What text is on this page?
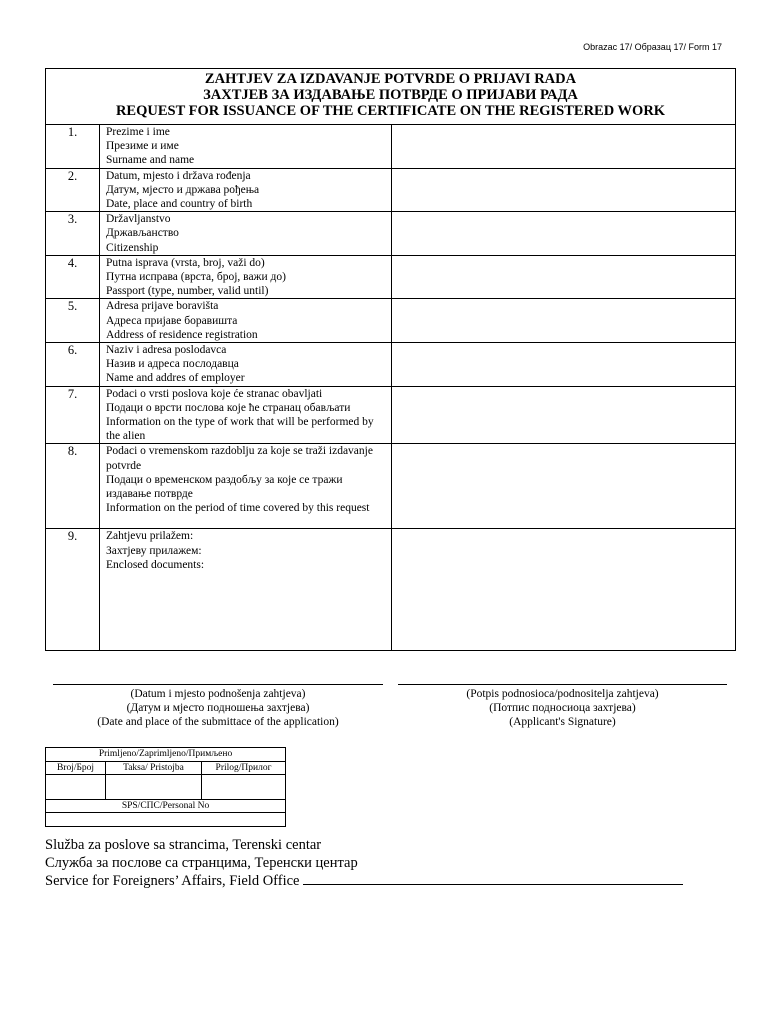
Obrazac 17/ Образац 17/ Form 17
ZAHTJEV ZA IZDAVANJE POTVRDE O PRIJAVI RADA
ЗАХТЈЕВ ЗА ИЗДАВАЊЕ ПОТВРДЕ О ПРИЈАВИ РАДА
REQUEST FOR ISSUANCE OF THE CERTIFICATE ON THE REGISTERED WORK		

1.	Prezime i ime
Презиме и име
Surname and name	

2.	Datum, mjesto i država rođenja
Датум, мјесто и држава рођења
Date, place and country of birth	

3.	Državljanstvo
Држављанство
Citizenship	

4.	Putna isprava (vrsta, broj, važi do)
Путна исправа (врста, број, важи до)
Passport (type, number, valid until)	

5.	Adresa prijave boravišta
Адреса пријаве боравишта
Address of residence registration	

6.	Naziv i adresa poslodavca
Назив и адреса послодавца
Name and addres of employer	

7.	Podaci o vrsti poslova koje će stranac obavljati
Подаци о врсти послова које ће странац обављати
Information on the type of work that will be performed by the alien	

8.	Podaci o vremenskom razdoblju za koje se traži izdavanje potvrde
Подаци о временском раздобљу за које се тражи издавање потврде
Information on the period of time covered by this request	

9.	Zahtjevu prilažem:
Захтјеву прилажем:
Enclosed documents:	

(Datum i mjesto podnošenja zahtjeva)
(Датум и мјесто подношења захтјева)
(Date and place of the submittace of the application)
(Potpis podnosioca/podnositelja zahtjeva)
(Потпис подносиоца захтјева)
(Applicant's Signature)
Primljeno/Zaprimljeno/Примљено		
Broj/Број	Taksa/ Pristojba	Prilog/Прилог

SPS/СПС/Personal No		

Služba za poslove sa strancima, Terenski centar
Служба за послове са странцима, Теренски центар
Service for Foreigners’ Affairs, Field Office
